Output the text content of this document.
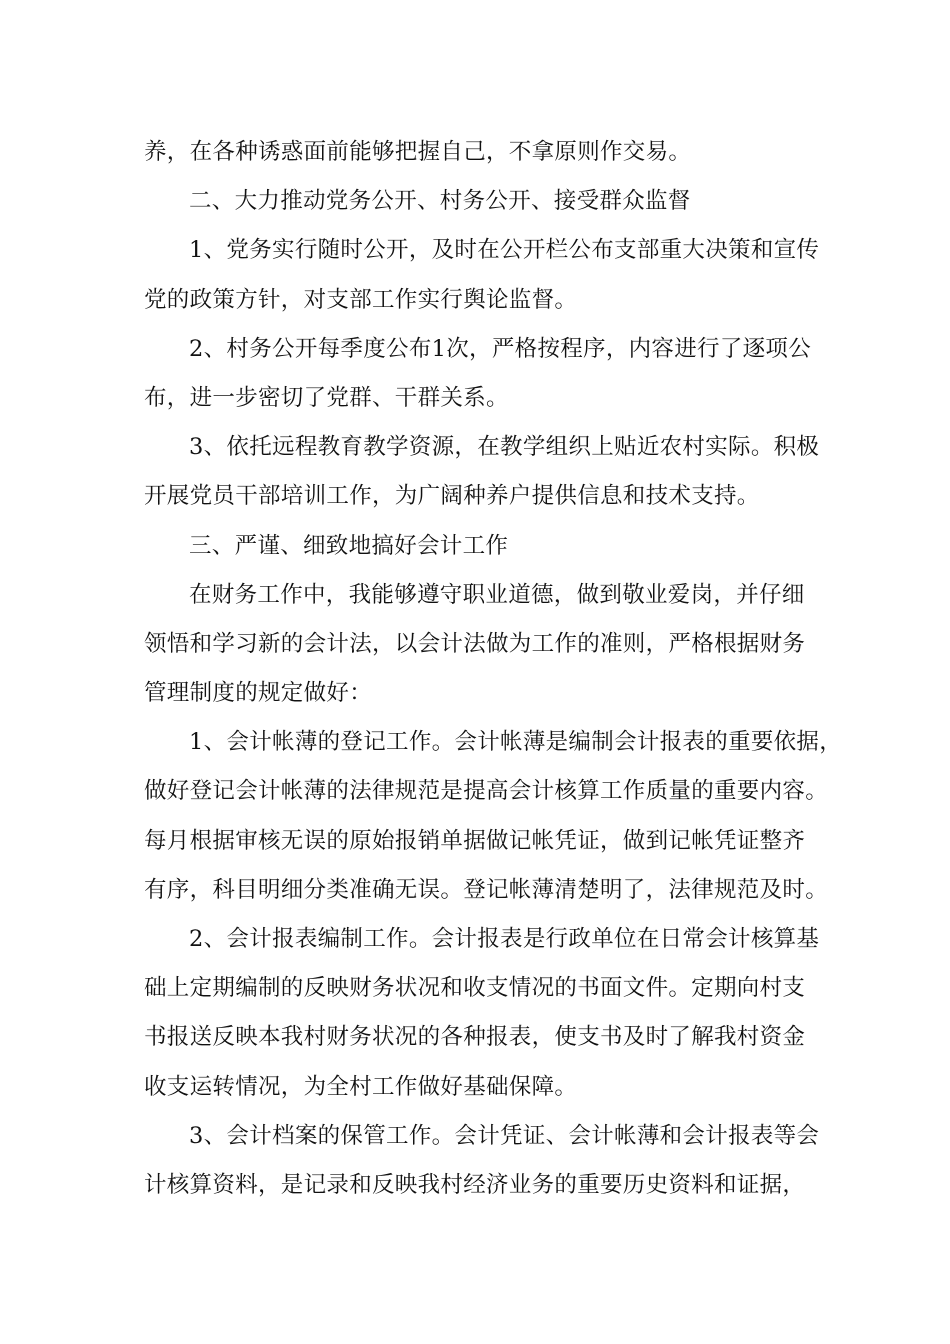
养，在各种诱惑面前能够把握自己，不拿原则作交易。
二、大力推动党务公开、村务公开、接受群众监督
1、党务实行随时公开，及时在公开栏公布支部重大决策和宣传
党的政策方针，对支部工作实行舆论监督。
2、村务公开每季度公布1次，严格按程序，内容进行了逐项公
布，进一步密切了党群、干群关系。
3、依托远程教育教学资源，在教学组织上贴近农村实际。积极
开展党员干部培训工作，为广阔种养户提供信息和技术支持。
三、严谨、细致地搞好会计工作
在财务工作中，我能够遵守职业道德，做到敬业爱岗，并仔细
领悟和学习新的会计法，以会计法做为工作的准则，严格根据财务
管理制度的规定做好：
1、会计帐薄的登记工作。会计帐薄是编制会计报表的重要依据，
做好登记会计帐薄的法律规范是提高会计核算工作质量的重要内容。
每月根据审核无误的原始报销单据做记帐凭证，做到记帐凭证整齐
有序，科目明细分类准确无误。登记帐薄清楚明了，法律规范及时。
2、会计报表编制工作。会计报表是行政单位在日常会计核算基
础上定期编制的反映财务状况和收支情况的书面文件。定期向村支
书报送反映本我村财务状况的各种报表，使支书及时了解我村资金
收支运转情况，为全村工作做好基础保障。
3、会计档案的保管工作。会计凭证、会计帐薄和会计报表等会
计核算资料，是记录和反映我村经济业务的重要历史资料和证据，
